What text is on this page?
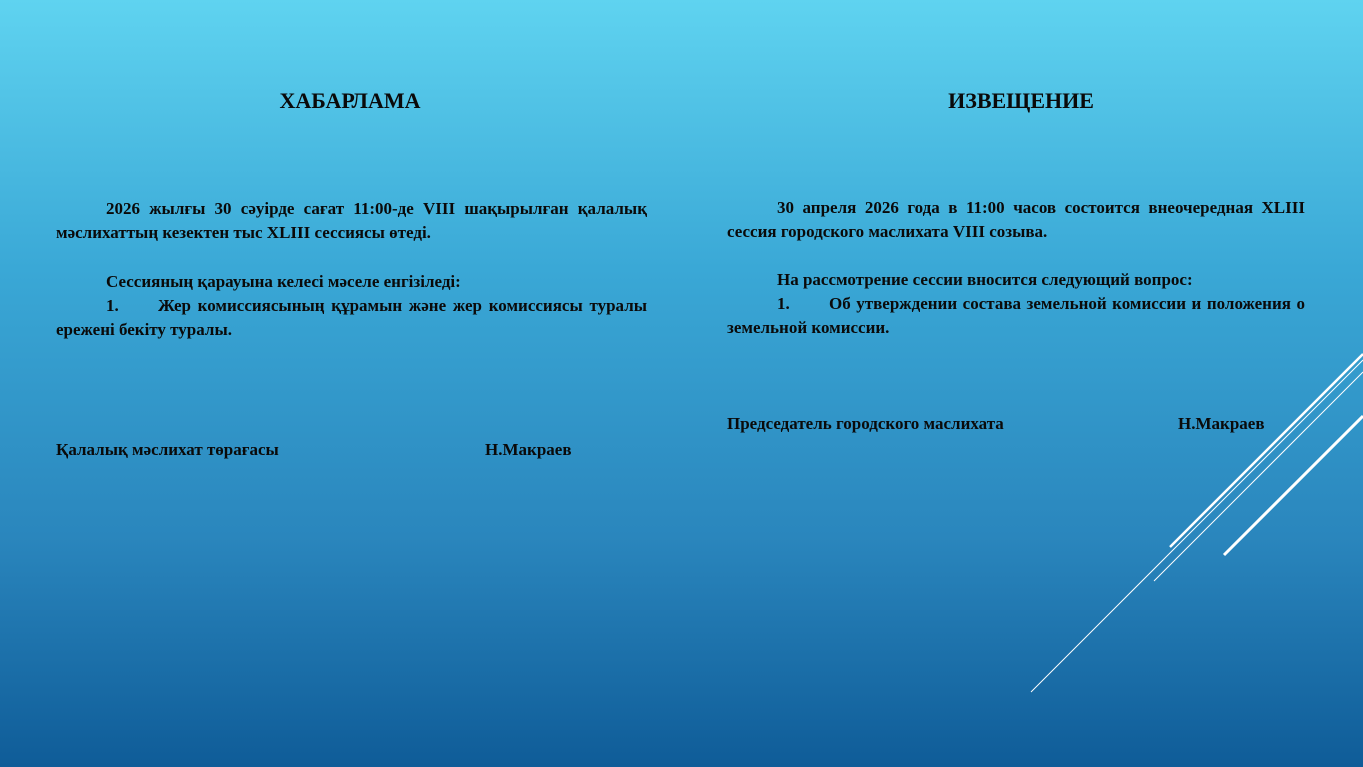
ХАБАРЛАМА

2026 жылғы 30 сәуірде сағат 11:00-де VIII шақырылған қалалық мәслихаттың кезектен тыс XLIII сессиясы өтеді.

Сессияның қарауына келесі мәселе енгізіледі:

1. Жер комиссиясының құрамын және жер комиссиясы туралы ережені бекіту туралы.

Қалалық мәслихат төрағасы	Н.Макраев
ИЗВЕЩЕНИЕ

30 апреля 2026 года в 11:00 часов состоится внеочередная XLIII сессия городского маслихата VIII созыва.

На рассмотрение сессии вносится следующий вопрос:

1. Об утверждении состава земельной комиссии и положения о земельной комиссии.

Председатель городского маслихата	Н.Макраев
